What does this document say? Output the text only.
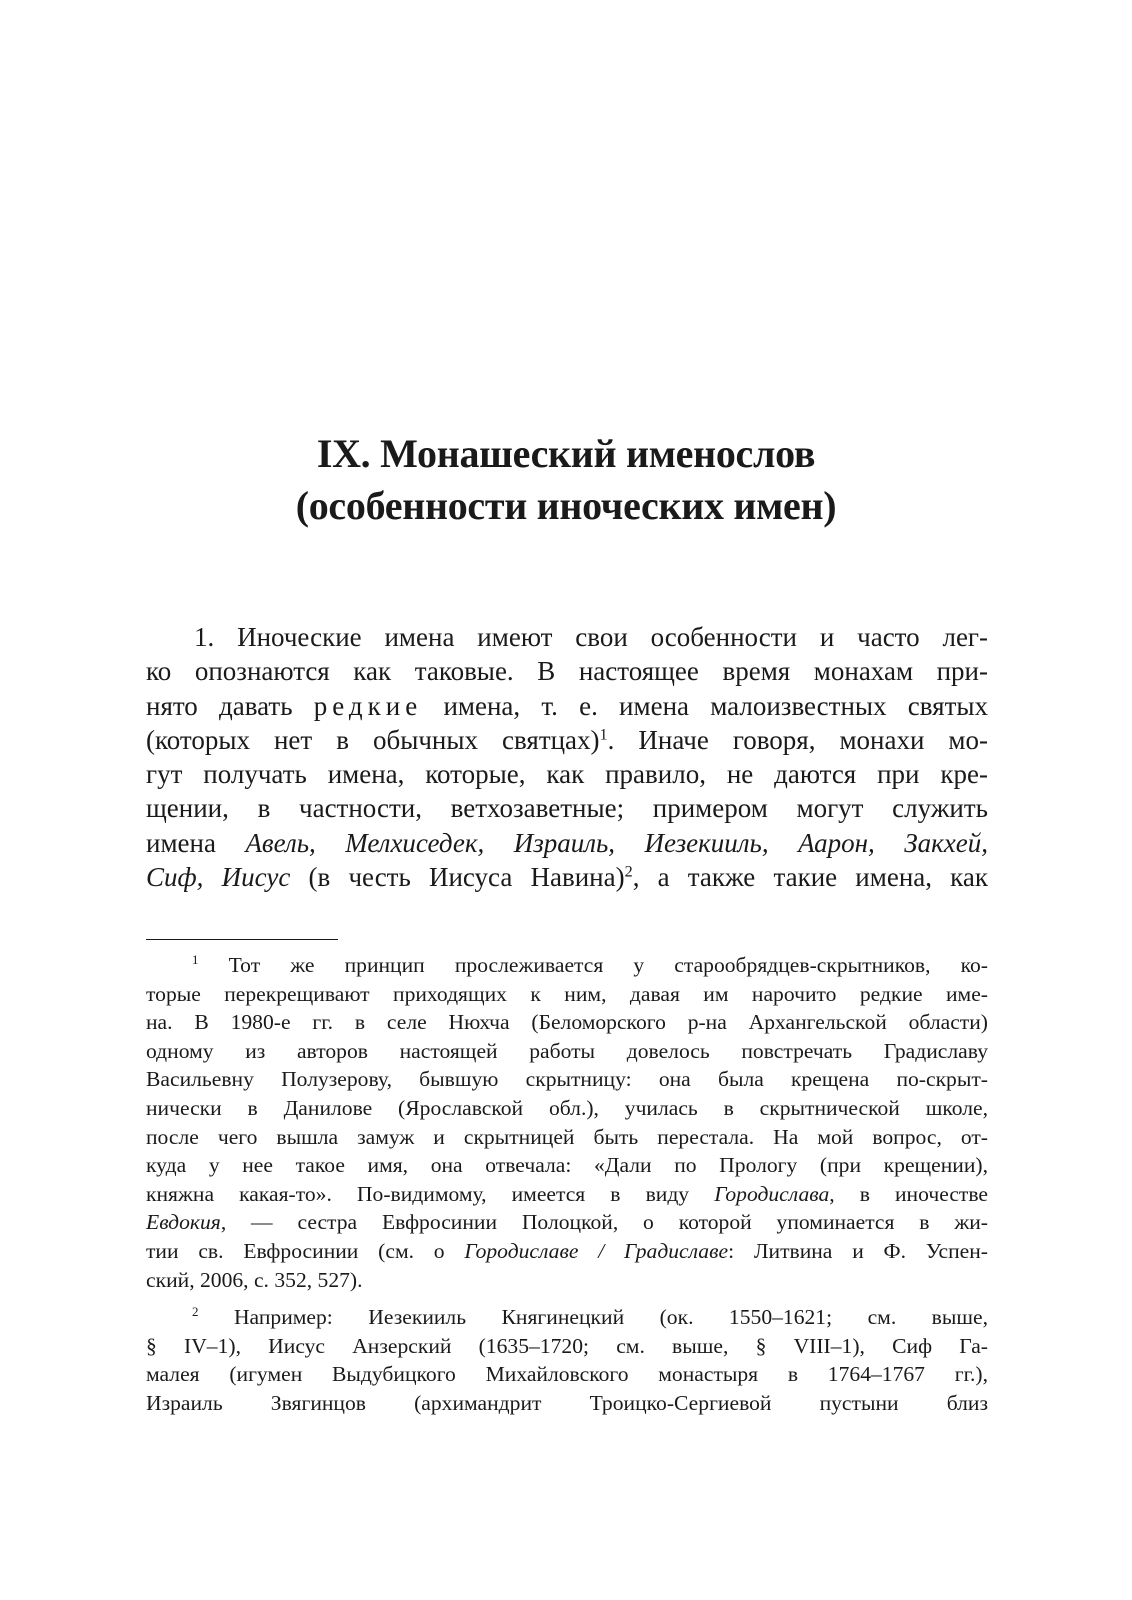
IX. Монашеский именослов
(особенности иноческих имен)
1. Иноческие имена имеют свои особенности и часто лег-
ко опознаются как таковые. В настоящее время монахам при-
нято давать редкие имена, т. е. имена малоизвестных святых
(которых нет в обычных святцах)$^1$. Иначе говоря, монахи мо-
гут получать имена, которые, как правило, не даются при кре-
щении, в частности, ветхозаветные; примером могут служить
имена Авель, Мелхиседек, Израиль, Иезекииль, Аарон, Закхей,
Сиф, Иисус (в честь Иисуса Навина)$^2$, а также такие имена, как
$^1$ Тот же принцип прослеживается у старообрядцев-скрытников, ко-
торые перекрещивают приходящих к ним, давая им нарочито редкие име-
на. В 1980-е гг. в селе Нюхча (Беломорского р-на Архангельской области)
одному из авторов настоящей работы довелось повстречать Градиславу
Васильевну Полузерову, бывшую скрытницу: она была крещена по-скрыт-
нически в Данилове (Ярославской обл.), училась в скрытнической школе,
после чего вышла замуж и скрытницей быть перестала. На мой вопрос, от-
куда у нее такое имя, она отвечала: «Дали по Прологу (при крещении),
княжна какая-то». По-видимому, имеется в виду Городислава, в иночестве
Евдокия, — сестра Евфросинии Полоцкой, о которой упоминается в жи-
тии св. Евфросинии (см. о Городиславе / Градиславе: Литвина и Ф. Успен-
ский, 2006, с. 352, 527).
$^2$ Например: Иезекииль Княгинецкий (ок. 1550–1621; см. выше,
§ IV–1), Иисус Анзерский (1635–1720; см. выше, § VIII–1), Сиф Га-
малея (игумен Выдубицкого Михайловского монастыря в 1764–1767 гг.),
Израиль Звягинцов (архимандрит Троицко-Сергиевой пустыни близ
